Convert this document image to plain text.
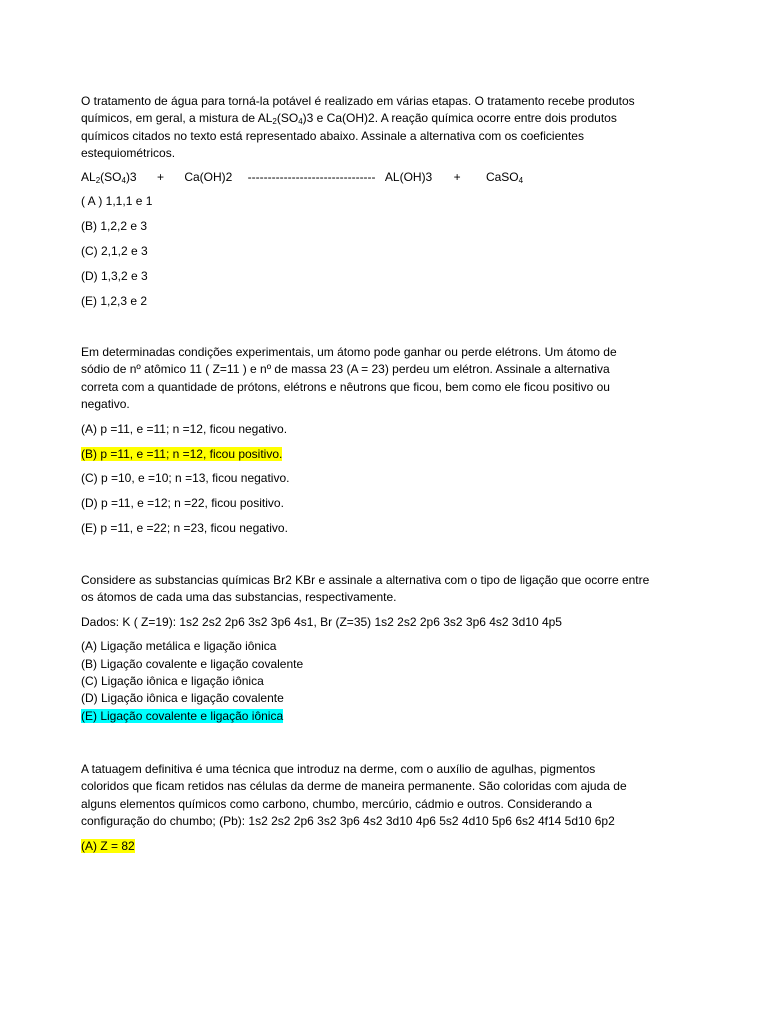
O tratamento de água para torná-la potável é realizado em várias etapas. O tratamento recebe produtos
químicos, em geral, a mistura de $AL_2(SO_4)3$ e Ca(OH)2. A reação química ocorre entre dois produtos
químicos citados no texto está representado abaixo. Assinale a alternativa com os coeficientes
estequiométricos.

$AL_2(SO_4)3 + Ca(OH)2$ -------------------------------- AL(OH)3 + CaSO$_4$

( A ) 1,1,1 e 1

(B) 1,2,2 e 3

(C) 2,1,2 e 3

(D) 1,3,2 e 3

(E) 1,2,3 e 2

Em determinadas condições experimentais, um átomo pode ganhar ou perde elétrons. Um átomo de
sódio de nº atômico 11 ( Z=11 ) e nº de massa 23 (A = 23) perdeu um elétron. Assinale a alternativa
correta com a quantidade de prótons, elétrons e nêutrons que ficou, bem como ele ficou positivo ou
negativo.

(A) p =11, e =11; n =12, ficou negativo.

(B) p =11, e =11; n =12, ficou positivo.

(C) p =10, e =10; n =13, ficou negativo.

(D) p =11, e =12; n =22, ficou positivo.

(E) p =11, e =22; n =23, ficou negativo.

Considere as substancias químicas Br2 KBr e assinale a alternativa com o tipo de ligação que ocorre entre
os átomos de cada uma das substancias, respectivamente.

Dados: K ( Z=19): 1s2 2s2 2p6 3s2 3p6 4s1, Br (Z=35) 1s2 2s2 2p6 3s2 3p6 4s2 3d10 4p5

(A) Ligação metálica e ligação iônica

(B) Ligação covalente e ligação covalente

(C) Ligação iônica e ligação iônica

(D) Ligação iônica e ligação covalente

(E) Ligação covalente e ligação iônica

A tatuagem definitiva é uma técnica que introduz na derme, com o auxílio de agulhas, pigmentos
coloridos que ficam retidos nas células da derme de maneira permanente. São coloridas com ajuda de
alguns elementos químicos como carbono, chumbo, mercúrio, cádmio e outros. Considerando a
configuração do chumbo; (Pb): 1s2 2s2 2p6 3s2 3p6 4s2 3d10 4p6 5s2 4d10 5p6 6s2 4f14 5d10 6p2

(A) Z = 82
